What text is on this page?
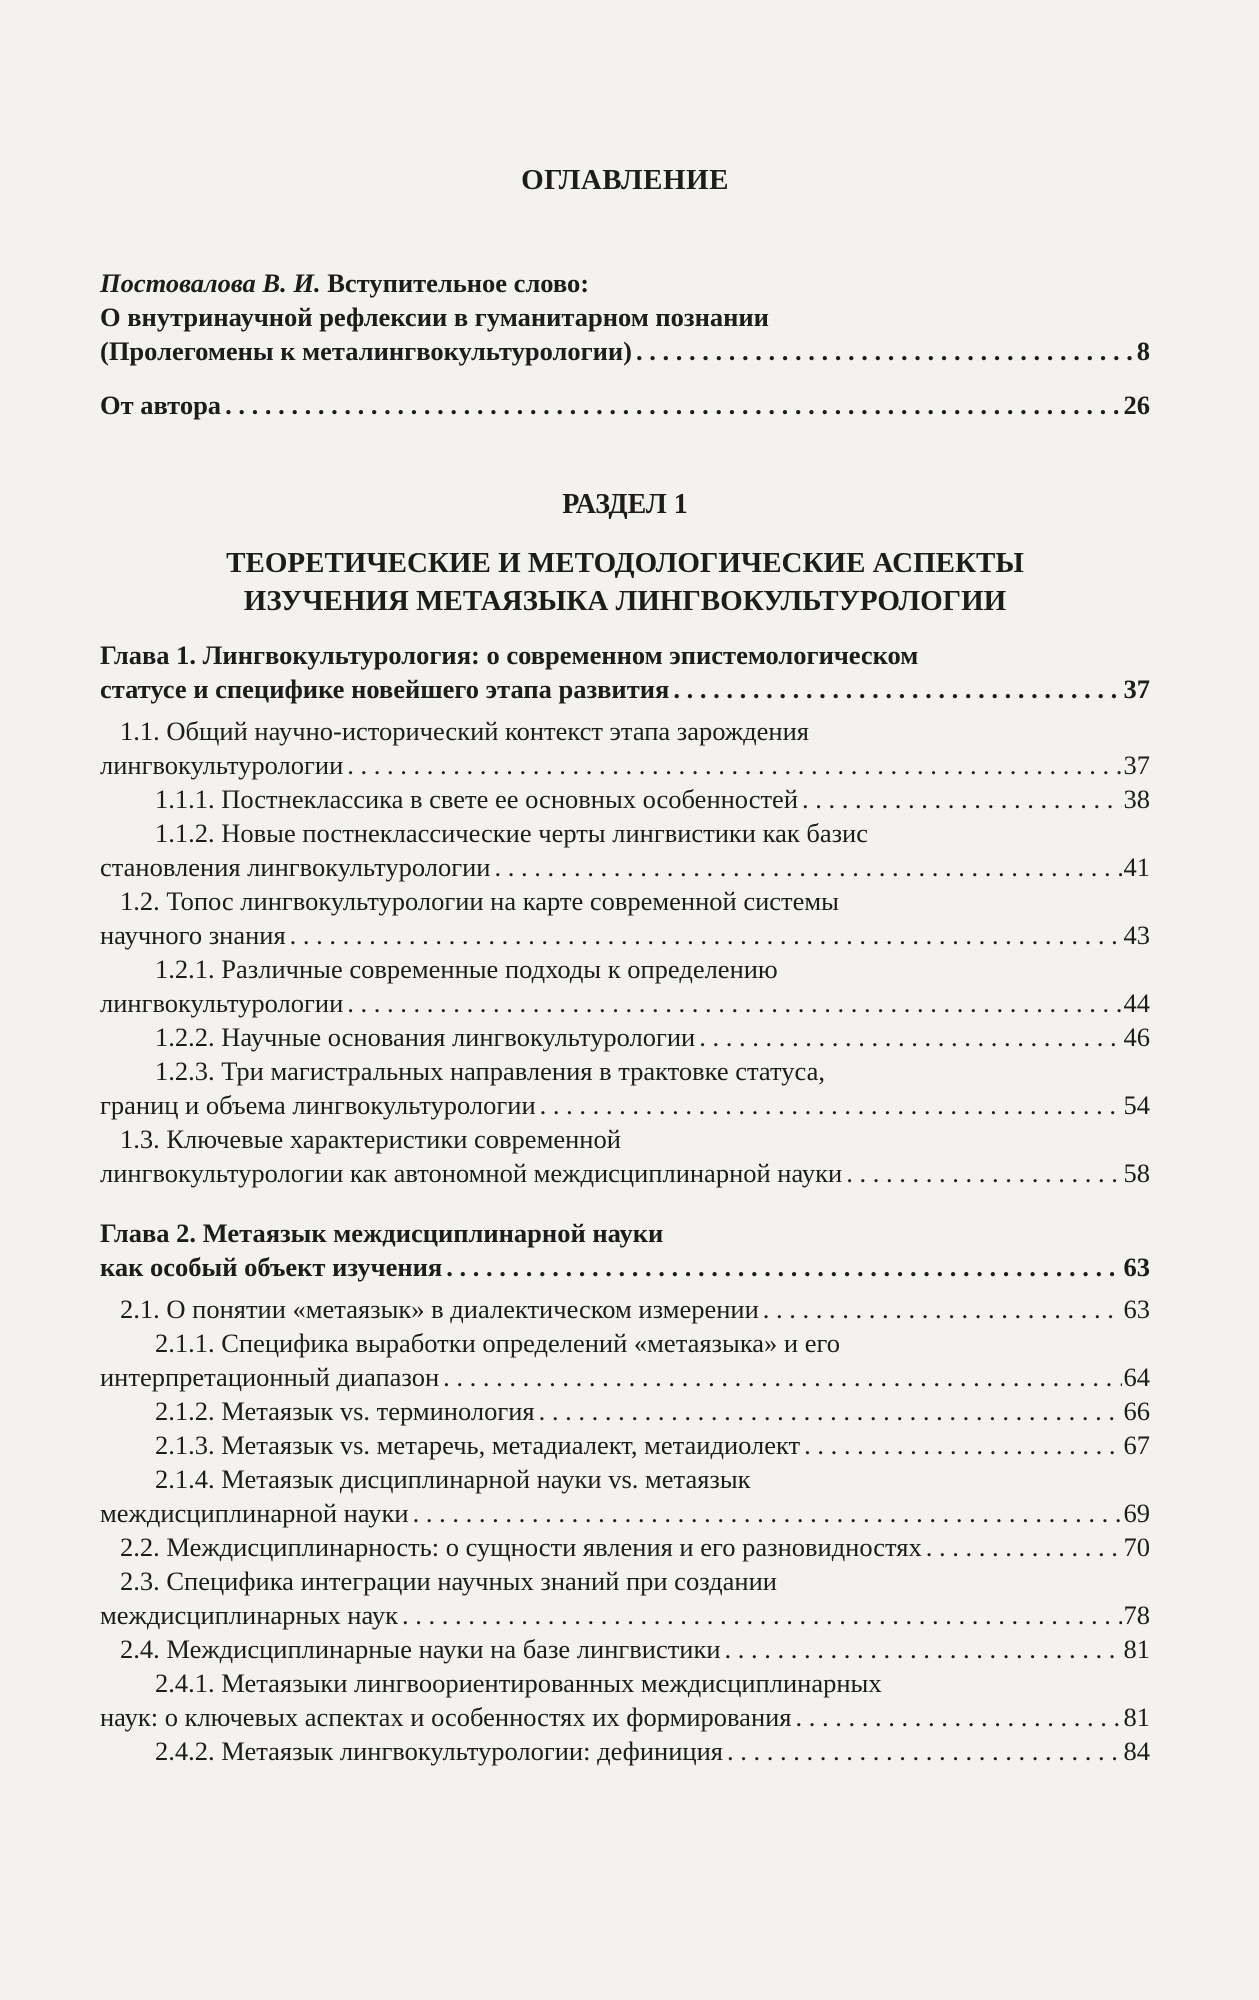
ОГЛАВЛЕНИЕ
Постовалова В. И. Вступительное слово:
О внутринаучной рефлексии в гуманитарном познании
(Пролегомены к металингвокультурологии) . . .	8
От автора . . .	26
РАЗДЕЛ 1
ТЕОРЕТИЧЕСКИЕ И МЕТОДОЛОГИЧЕСКИЕ АСПЕКТЫ
ИЗУЧЕНИЯ МЕТАЯЗЫКА ЛИНГВОКУЛЬТУРОЛОГИИ
Глава 1. Лингвокультурология: о современном эпистемологическом
статусе и специфике новейшего этапа развития . . .	37
1.1. Общий научно-исторический контекст этапа зарождения
лингвокультурологии . . .	37
1.1.1. Постнеклассика в свете ее основных особенностей . . .	38
1.1.2. Новые постнеклассические черты лингвистики как базис
становления лингвокультурологии . . .	41
1.2. Топос лингвокультурологии на карте современной системы
научного знания . . .	43
1.2.1. Различные современные подходы к определению
лингвокультурологии . . .	44
1.2.2. Научные основания лингвокультурологии . . .	46
1.2.3. Три магистральных направления в трактовке статуса,
границ и объема лингвокультурологии . . .	54
1.3. Ключевые характеристики современной
лингвокультурологии как автономной междисциплинарной науки . . .	58
Глава 2. Метаязык междисциплинарной науки
как особый объект изучения . . .	63
2.1. О понятии «метаязык» в диалектическом измерении . . .	63
2.1.1. Специфика выработки определений «метаязыка» и его
интерпретационный диапазон . . .	64
2.1.2. Метаязык vs. терминология . . .	66
2.1.3. Метаязык vs. метаречь, метадиалект, метаидиолект . . .	67
2.1.4. Метаязык дисциплинарной науки vs. метаязык
междисциплинарной науки . . .	69
2.2. Междисциплинарность: о сущности явления и его разновидностях . . .	70
2.3. Специфика интеграции научных знаний при создании
междисциплинарных наук . . .	78
2.4. Междисциплинарные науки на базе лингвистики . . .	81
2.4.1. Метаязыки лингвоориентированных междисциплинарных
наук: о ключевых аспектах и особенностях их формирования . . .	81
2.4.2. Метаязык лингвокультурологии: дефиниция . . .	84
